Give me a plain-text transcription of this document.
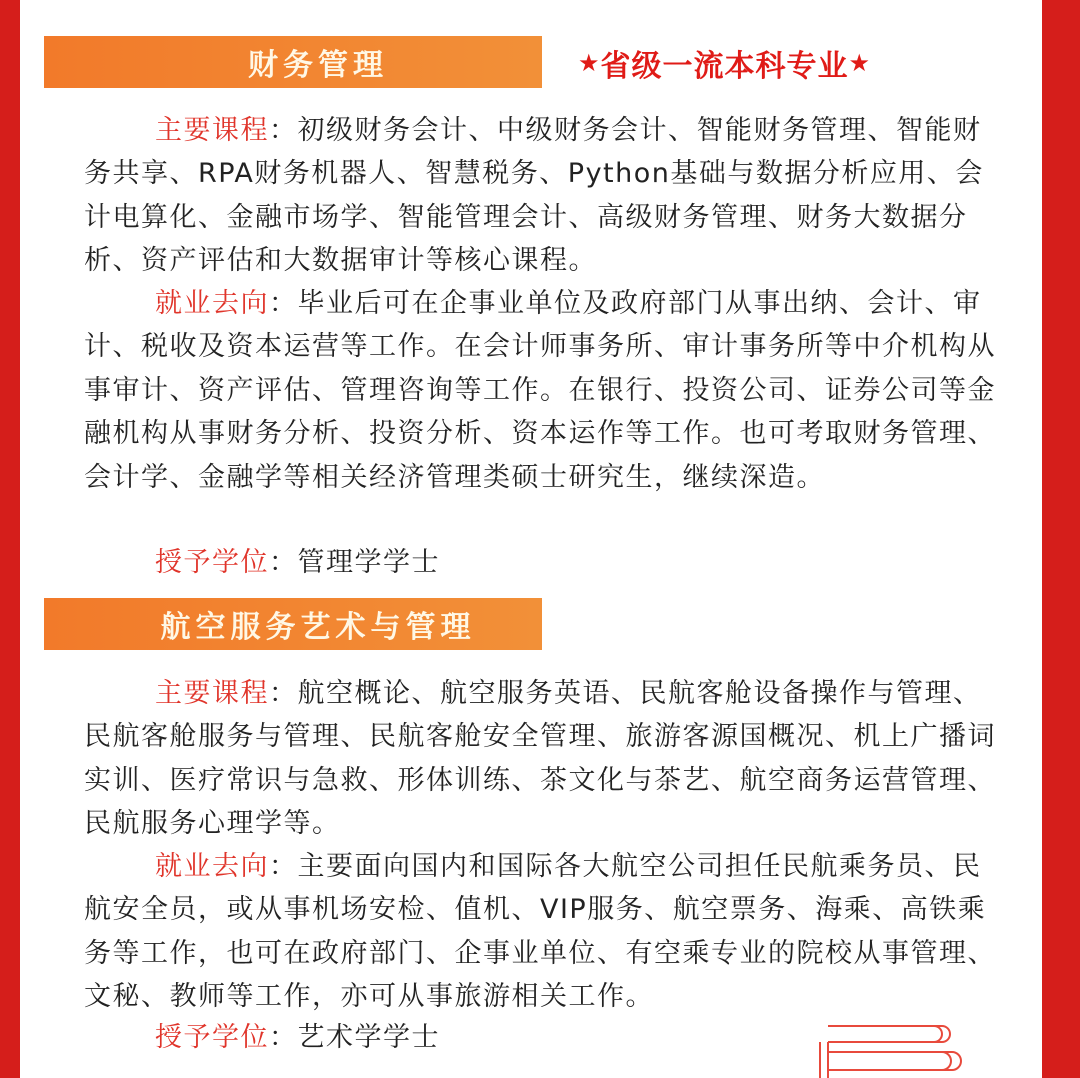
财务管理	★ 省级一流本科专业 ★

主要课程：初级财务会计、中级财务会计、智能财务管理、智能财务共享、RPA财务机器人、智慧税务、Python基础与数据分析应用、会计电算化、金融市场学、智能管理会计、高级财务管理、财务大数据分析、资产评估和大数据审计等核心课程。

就业去向：毕业后可在企事业单位及政府部门从事出纳、会计、审计、税收及资本运营等工作。在会计师事务所、审计事务所等中介机构从事审计、资产评估、管理咨询等工作。在银行、投资公司、证券公司等金融机构从事财务分析、投资分析、资本运作等工作。也可考取财务管理、会计学、金融学等相关经济管理类硕士研究生，继续深造。

授予学位：管理学学士

航空服务艺术与管理

主要课程：航空概论、航空服务英语、民航客舱设备操作与管理、民航客舱服务与管理、民航客舱安全管理、旅游客源国概况、机上广播词实训、医疗常识与急救、形体训练、茶文化与茶艺、航空商务运营管理、民航服务心理学等。

就业去向：主要面向国内和国际各大航空公司担任民航乘务员、民航安全员，或从事机场安检、值机、VIP服务、航空票务、海乘、高铁乘务等工作，也可在政府部门、企事业单位、有空乘专业的院校从事管理、文秘、教师等工作，亦可从事旅游相关工作。

授予学位：艺术学学士
